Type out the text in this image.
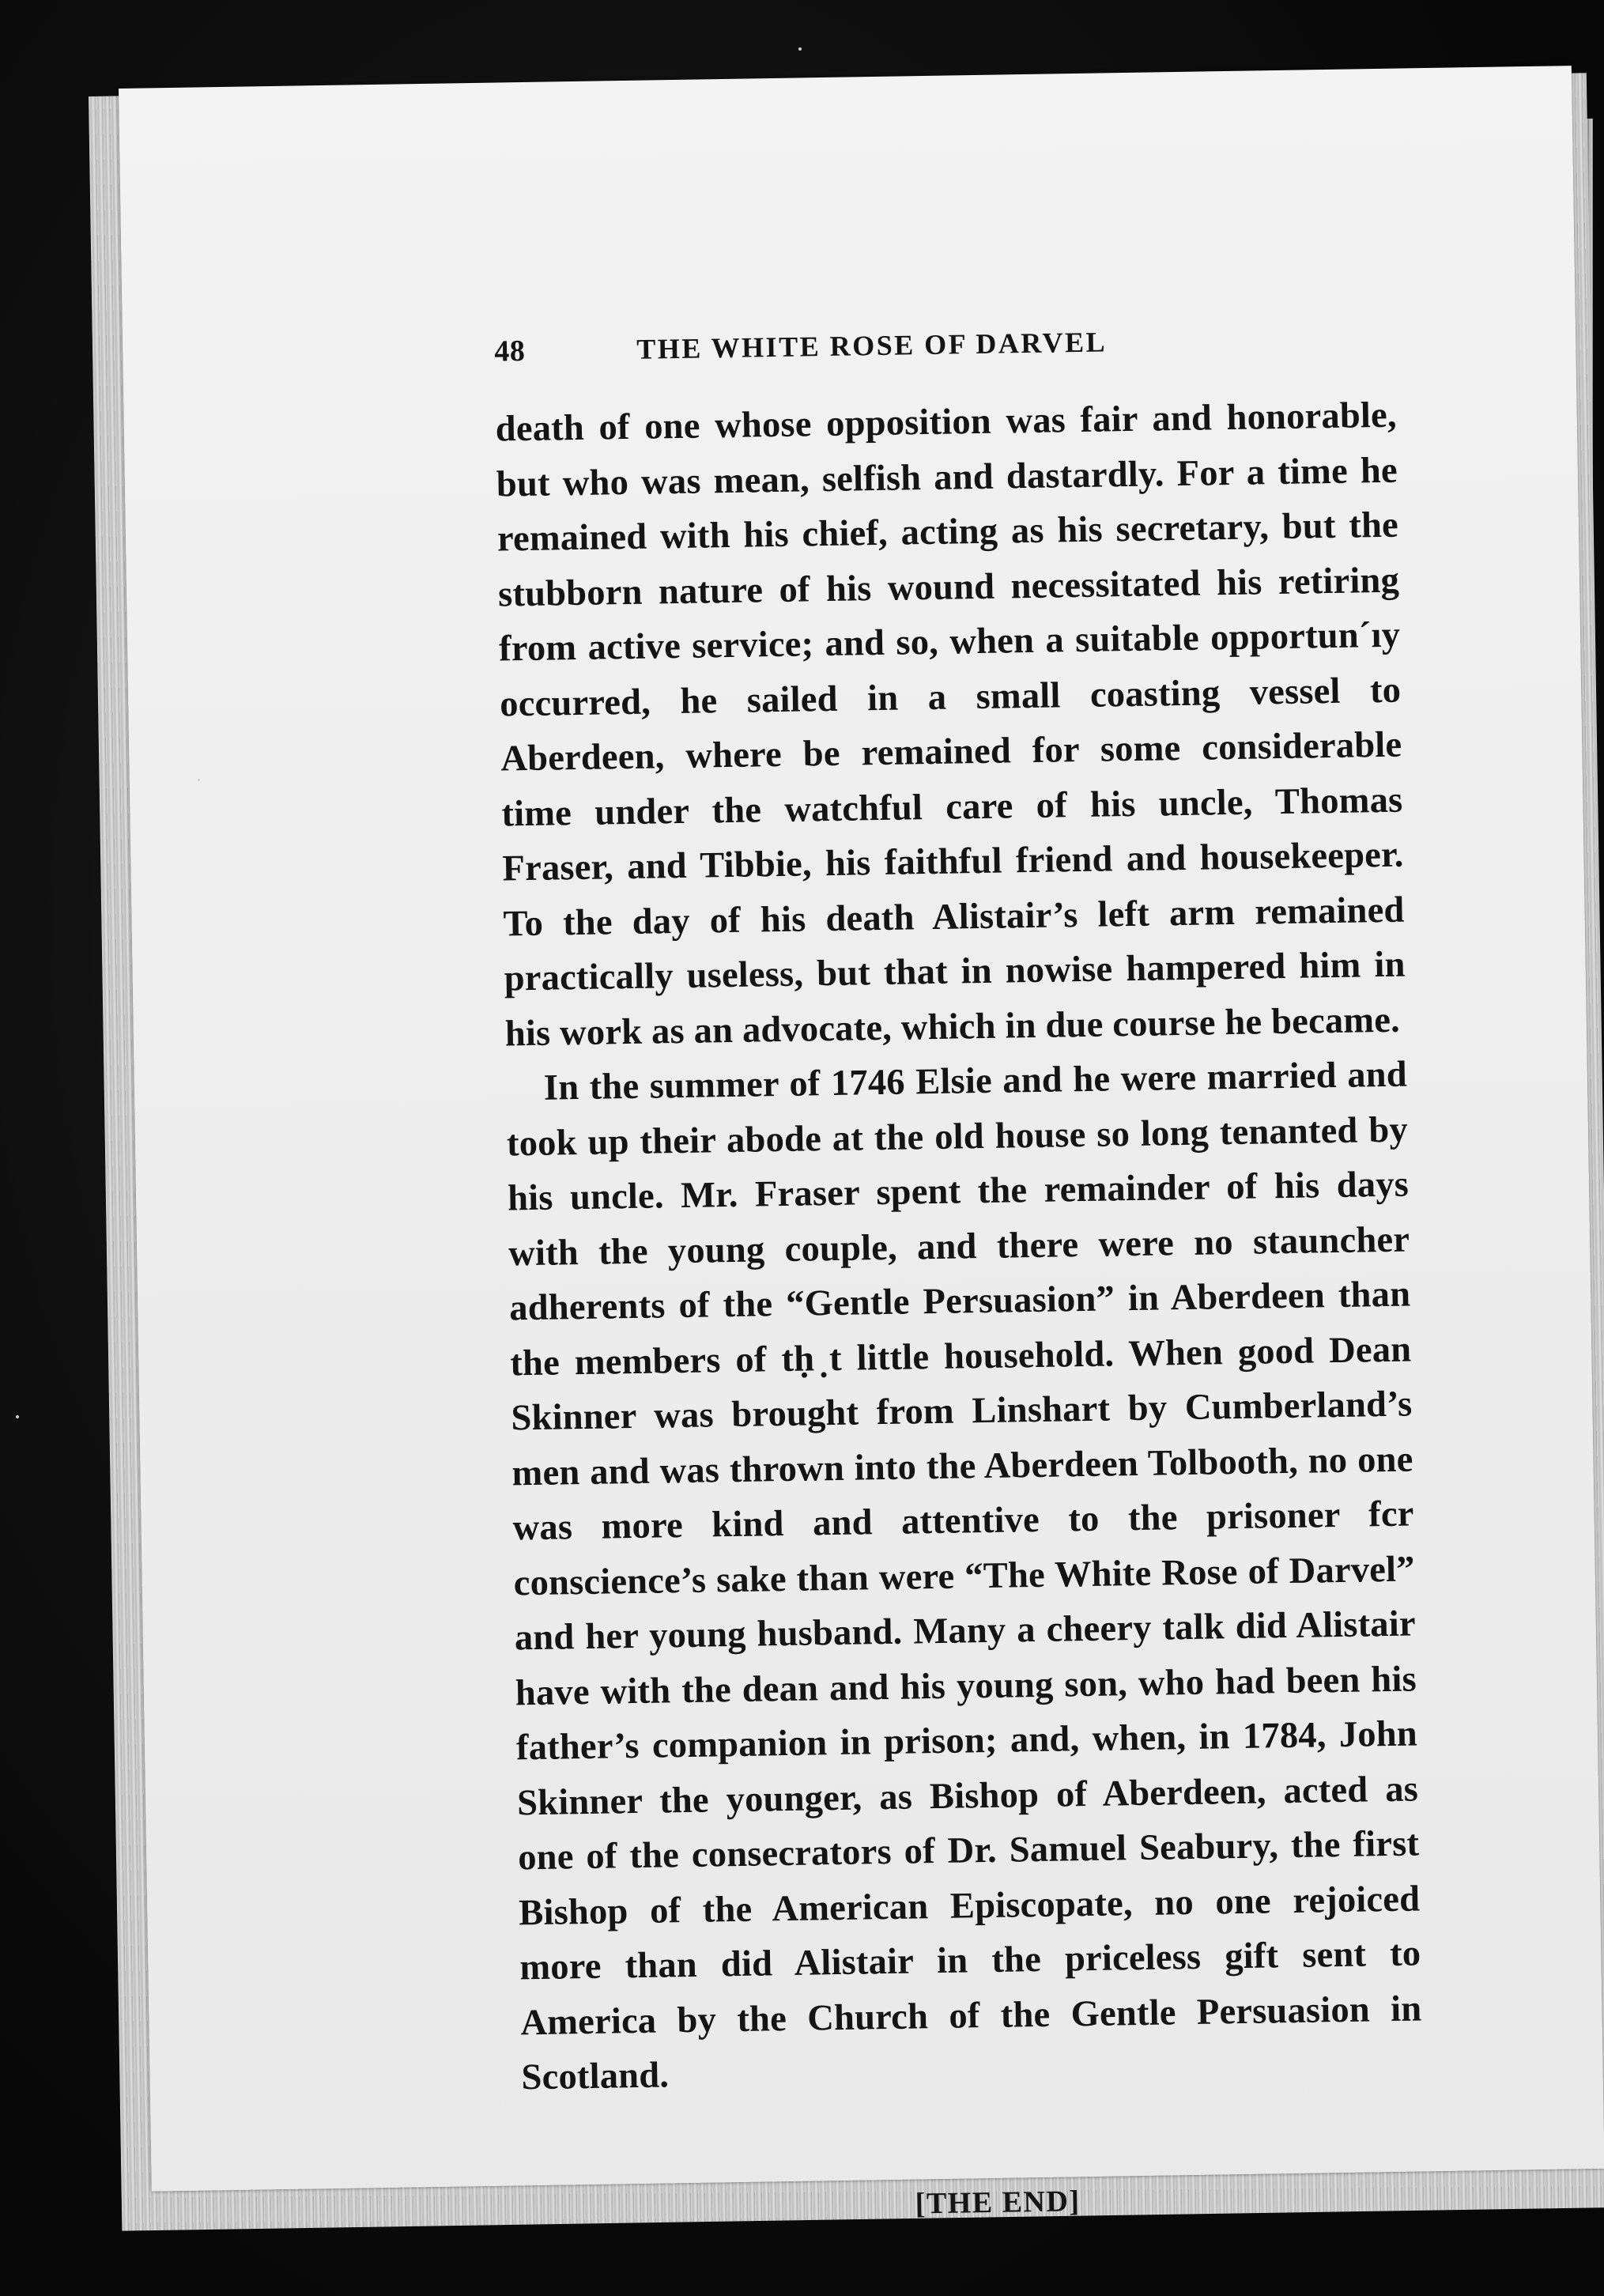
48	THE WHITE ROSE OF DARVEL

death of one whose opposition was fair and honorable, but who was mean, selfish and dastardly. For a time he remained with his chief, acting as his secretary, but the stubborn nature of his wound necessitated his retiring from active service; and so, when a suitable opportun´ıy occurred, he sailed in a small coasting vessel to Aberdeen, where be remained for some considerable time under the watchful care of his uncle, Thomas Fraser, and Tibbie, his faithful friend and housekeeper. To the day of his death Alistair’s left arm remained practically useless, but that in nowise hampered him in his work as an advocate, which in due course he became.

In the summer of 1746 Elsie and he were married and took up their abode at the old house so long tenanted by his uncle. Mr. Fraser spent the remainder of his days with the young couple, and there were no stauncher adherents of the “Gentle Persuasion” in Aberdeen than the members of tḥ ̣t little household. When good Dean Skinner was brought from Linshart by Cumberland’s men and was thrown into the Aberdeen Tolbooth, no one was more kind and attentive to the prisoner fcr conscience’s sake than were “The White Rose of Darvel” and her young husband. Many a cheery talk did Alistair have with the dean and his young son, who had been his father’s companion in prison; and, when, in 1784, John Skinner the younger, as Bishop of Aberdeen, acted as one of the consecrators of Dr. Samuel Seabury, the first Bishop of the American Episcopate, no one rejoiced more than did Alistair in the priceless gift sent to America by the Church of the Gentle Persuasion in Scotland.

[THE END]
